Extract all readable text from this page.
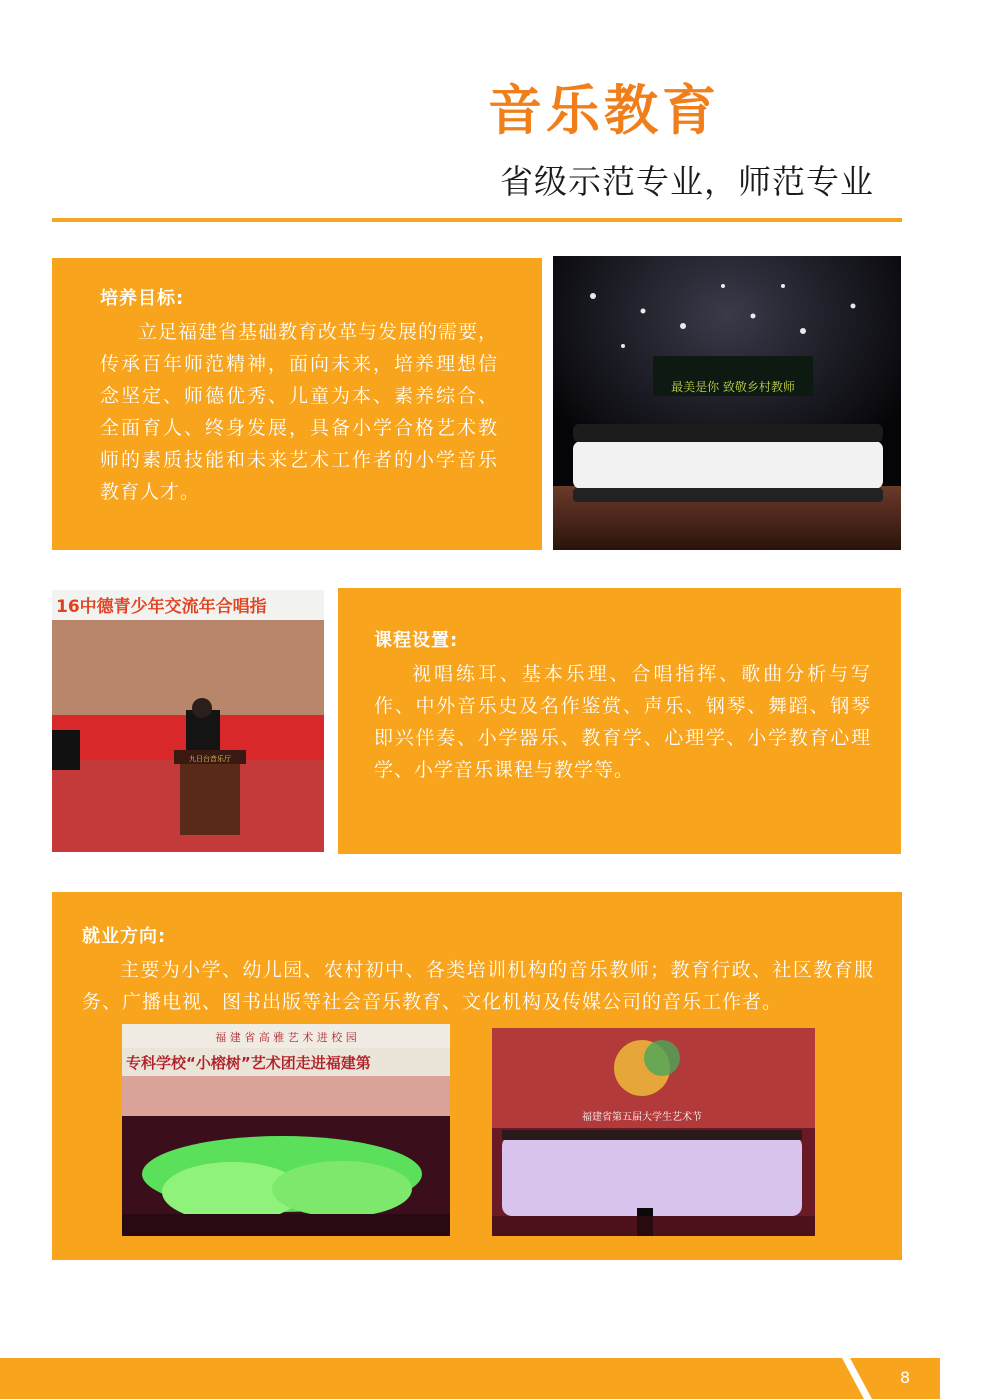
音乐教育
省级示范专业，师范专业
培养目标:

立足福建省基础教育改革与发展的需要，传承百年师范精神，面向未来，培养理想信念坚定、师德优秀、儿童为本、素养综合、全面育人、终身发展，具备小学合格艺术教师的素质技能和未来艺术工作者的小学音乐教育人才。

最美是你 致敬乡村教师
16中德青少年交流年合唱指
九日台音乐厅
课程设置:

视唱练耳、基本乐理、合唱指挥、歌曲分析与写作、中外音乐史及名作鉴赏、声乐、钢琴、舞蹈、钢琴即兴伴奏、小学器乐、教育学、心理学、小学教育心理学、小学音乐课程与教学等。

就业方向:

主要为小学、幼儿园、农村初中、各类培训机构的音乐教师；教育行政、社区教育服务、广播电视、图书出版等社会音乐教育、文化机构及传媒公司的音乐工作者。

福 建 省 高 雅 艺 术 进 校 园
专科学校“小榕树”艺术团走进福建第
福建省第五届大学生艺术节
8
